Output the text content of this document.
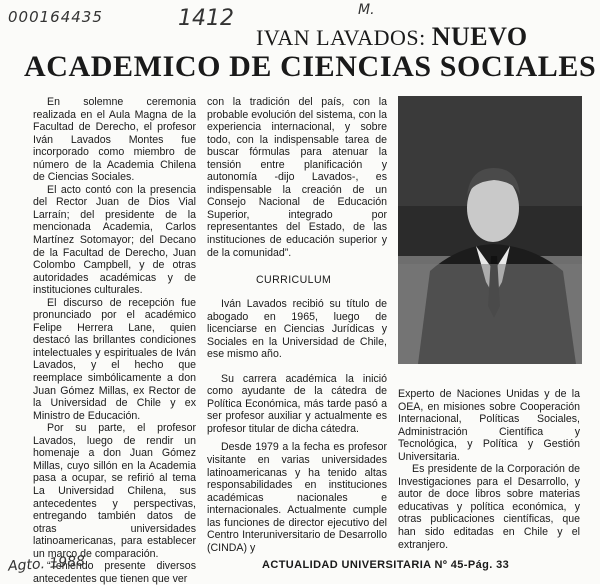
000164435	1412	M.
IVAN LAVADOS: NUEVO
ACADEMICO DE CIENCIAS SOCIALES

En solemne ceremonia realizada en el Aula Magna de la Facultad de Derecho, el profesor Iván Lavados Montes fue incorporado como miembro de número de la Academia Chilena de Ciencias Sociales.

El acto contó con la presencia del Rector Juan de Dios Vial Larraín; del presidente de la mencionada Academia, Carlos Martínez Sotomayor; del Decano de la Facultad de Derecho, Juan Colombo Campbell, y de otras autoridades académicas y de instituciones culturales.

El discurso de recepción fue pronunciado por el académico Felipe Herrera Lane, quien destacó las brillantes condiciones intelectuales y espirituales de Iván Lavados, y el hecho que reemplace simbólicamente a don Juan Gómez Millas, ex Rector de la Universidad de Chile y ex Ministro de Educación.

Por su parte, el profesor Lavados, luego de rendir un homenaje a don Juan Gómez Millas, cuyo sillón en la Academia pasa a ocupar, se refirió al tema La Universidad Chilena, sus antecedentes y perspectivas, entregando también datos de otras universidades latinoamericanas, para establecer un marco de comparación.

“Teniendo presente diversos antecedentes que tienen que ver

con la tradición del país, con la probable evolución del sistema, con la experiencia internacional, y sobre todo, con la indispensable tarea de buscar fórmulas para atenuar la tensión entre planificación y autonomía -dijo Lavados-, es indispensable la creación de un Consejo Nacional de Educación Superior, integrado por representantes del Estado, de las instituciones de educación superior y de la comunidad”.

CURRICULUM

Iván Lavados recibió su título de abogado en 1965, luego de licenciarse en Ciencias Jurídicas y Sociales en la Universidad de Chile, ese mismo año.

Su carrera académica la inició como ayudante de la cátedra de Política Económica, más tarde pasó a ser profesor auxiliar y actualmente es profesor titular de dicha cátedra.

Desde 1979 a la fecha es profesor visitante en varias universidades latinoamericanas y ha tenido altas responsabilidades en instituciones académicas nacionales e internacionales. Actualmente cumple las funciones de director ejecutivo del Centro Interuniversitario de Desarrollo (CINDA) y

Experto de Naciones Unidas y de la OEA, en misiones sobre Cooperación Internacional, Políticas Sociales, Administración Científica y Tecnológica, y Política y Gestión Universitaria.

Es presidente de la Corporación de Investigaciones para el Desarrollo, y autor de doce libros sobre materias educativas y política económica, y otras publicaciones científicas, que han sido editadas en Chile y el extranjero.

ACTUALIDAD UNIVERSITARIA Nº 45-Pág. 33
Agto. 1988
